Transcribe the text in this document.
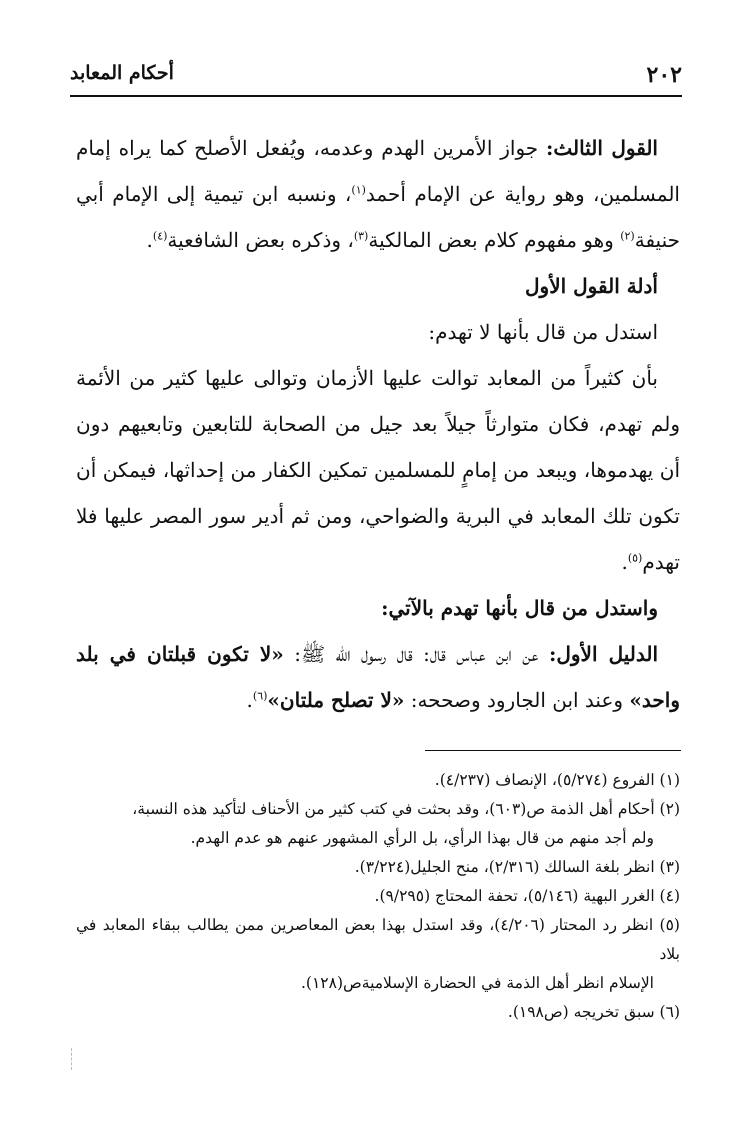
٢٠٢
أحكام المعابد

القول الثالث: جواز الأمرين الهدم وعدمه، ويُفعل الأصلح كما يراه إمام المسلمين، وهو رواية عن الإمام أحمد$^{(١)}$، ونسبه ابن تيمية إلى الإمام أبي حنيفة$^{(٢)}$ وهو مفهوم كلام بعض المالكية$^{(٣)}$، وذكره بعض الشافعية$^{(٤)}$.

أدلة القول الأول

استدل من قال بأنها لا تهدم:

بأن كثيراً من المعابد توالت عليها الأزمان وتوالى عليها كثير من الأئمة ولم تهدم، فكان متوارثاً جيلاً بعد جيل من الصحابة للتابعين وتابعيهم دون أن يهدموها، ويبعد من إمامٍ للمسلمين تمكين الكفار من إحداثها، فيمكن أن تكون تلك المعابد في البرية والضواحي، ومن ثم أدير سور المصر عليها فلا تهدم$^{(٥)}$.

واستدل من قال بأنها تهدم بالآتي:

الدليل الأول: عن ابن عباس قال: قال رسول الله ﷺ: «لا تكون قبلتان في بلد واحد» وعند ابن الجارود وصححه: «لا تصلح ملتان»$^{(٦)}$.

(١) الفروع (٥/٢٧٤)، الإنصاف (٤/٢٣٧).

(٢) أحكام أهل الذمة ص(٦٠٣)، وقد بحثت في كتب كثير من الأحناف لتأكيد هذه النسبة،

ولم أجد منهم من قال بهذا الرأي، بل الرأي المشهور عنهم هو عدم الهدم.

(٣) انظر بلغة السالك (٢/٣١٦)، منح الجليل(٣/٢٢٤).

(٤) الغرر البهية (٥/١٤٦)، تحفة المحتاج (٩/٢٩٥).

(٥) انظر رد المحتار (٤/٢٠٦)، وقد استدل بهذا بعض المعاصرين ممن يطالب ببقاء المعابد في بلاد

الإسلام انظر أهل الذمة في الحضارة الإسلاميةص(١٢٨).

(٦) سبق تخريجه (ص١٩٨).
